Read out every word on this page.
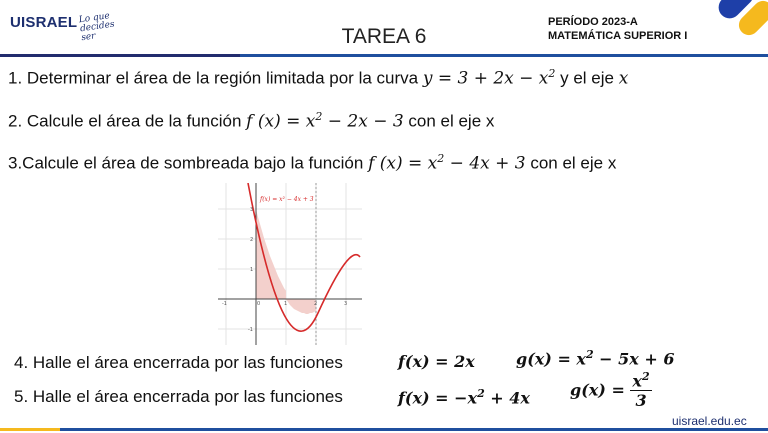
UISRAEL Lo que decides ser	TAREA 6
PERÍODO 2023-A
MATEMÁTICA SUPERIOR I
1. Determinar el área de la región limitada por la curva $y = 3 + 2x - x^2$ y el eje x
2. Calcule el área de la función f $(x) = x^2 - 2x - 3$ con el eje x
3.Calcule el área de sombreada bajo la función f $(x) = x^2 - 4x + 3$ con el eje x
f(x) = x² − 4x + 3
-1	0	1	2	3
3
2
1
-1
4. Halle el área encerrada por las funciones	f(x) = 2x	$g(x) = x^2 - 5x + 6$
5. Halle el área encerrada por las funciones	$f(x) = -x^2 + 4x$	$g(x) = \frac{x^2}{3}$
uisrael.edu.ec
